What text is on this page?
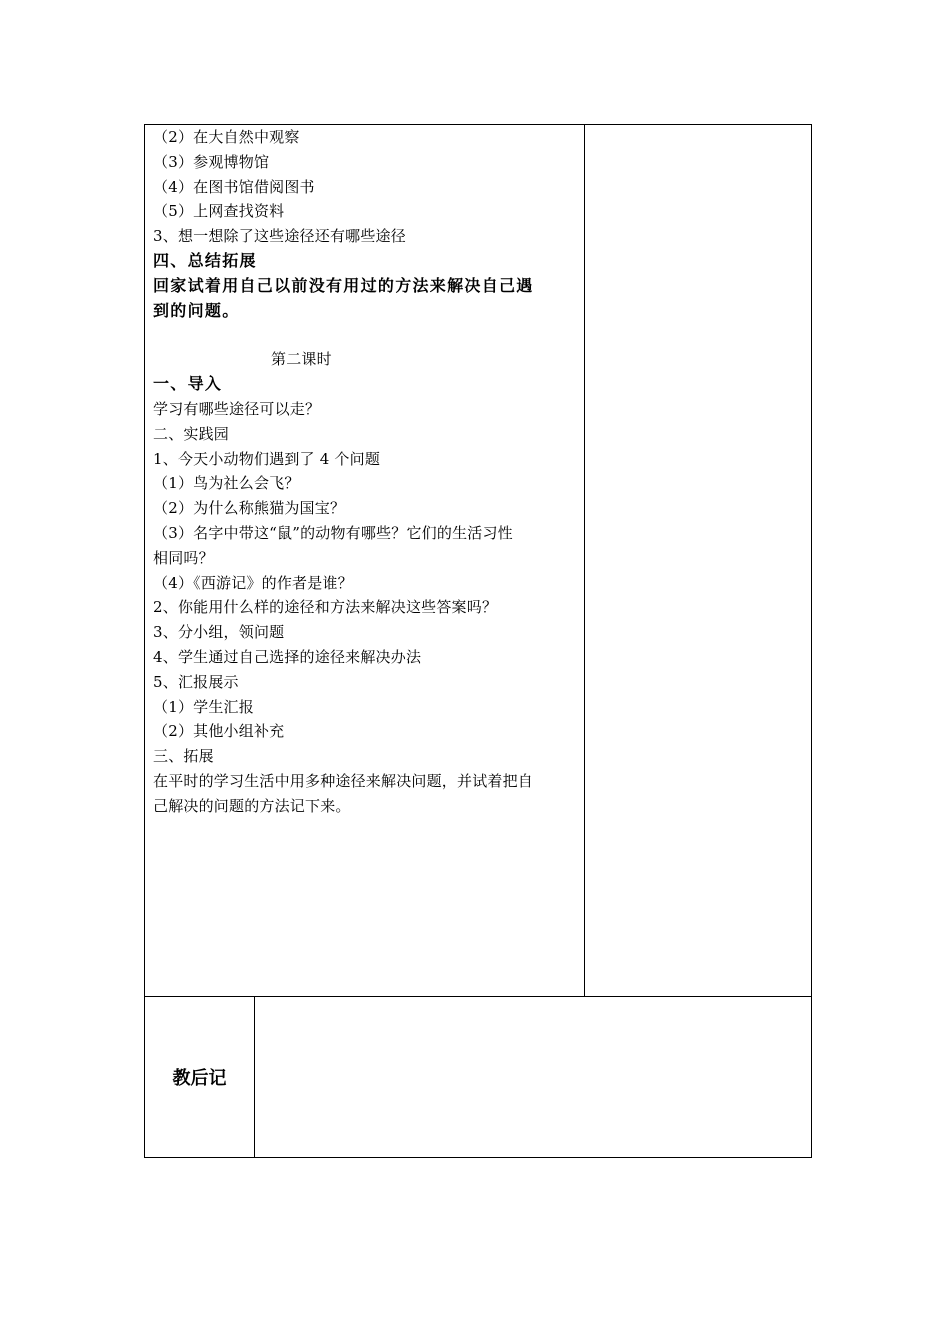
（2）在大自然中观察
（3）参观博物馆
（4）在图书馆借阅图书
（5）上网查找资料
3、想一想除了这些途径还有哪些途径
四、总结拓展
回家试着用自己以前没有用过的方法来解决自己遇
到的问题。
第二课时
一、导入
学习有哪些途径可以走？
二、实践园
1、今天小动物们遇到了 4 个问题
（1）鸟为社么会飞？
（2）为什么称熊猫为国宝？
（3）名字中带这“鼠”的动物有哪些？它们的生活习性
相同吗？
（4）《西游记》的作者是谁？
2、你能用什么样的途径和方法来解决这些答案吗？
3、分小组，领问题
4、学生通过自己选择的途径来解决办法
5、汇报展示
（1）学生汇报
（2）其他小组补充
三、拓展
在平时的学习生活中用多种途径来解决问题，并试着把自
己解决的问题的方法记下来。
教后记
